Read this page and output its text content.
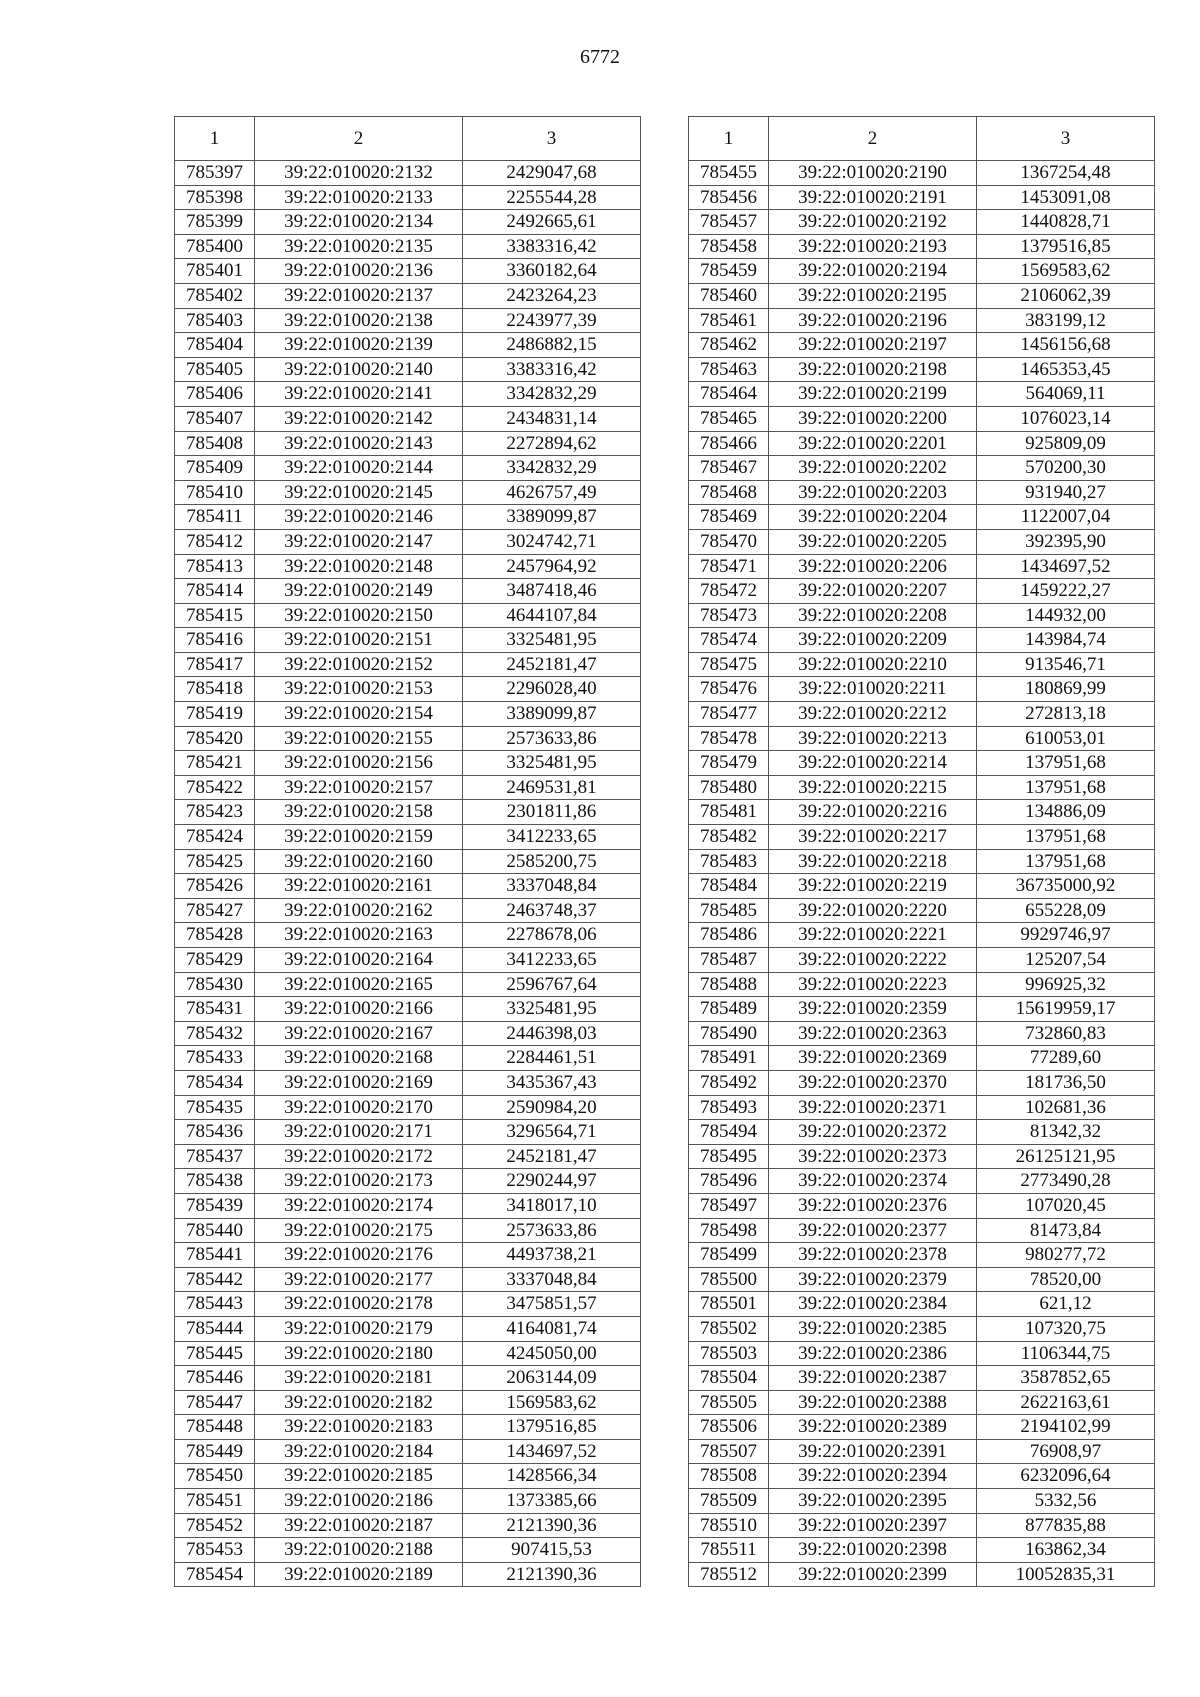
6772
1	2	3
785397	39:22:010020:2132	2429047,68
785398	39:22:010020:2133	2255544,28
785399	39:22:010020:2134	2492665,61
785400	39:22:010020:2135	3383316,42
785401	39:22:010020:2136	3360182,64
785402	39:22:010020:2137	2423264,23
785403	39:22:010020:2138	2243977,39
785404	39:22:010020:2139	2486882,15
785405	39:22:010020:2140	3383316,42
785406	39:22:010020:2141	3342832,29
785407	39:22:010020:2142	2434831,14
785408	39:22:010020:2143	2272894,62
785409	39:22:010020:2144	3342832,29
785410	39:22:010020:2145	4626757,49
785411	39:22:010020:2146	3389099,87
785412	39:22:010020:2147	3024742,71
785413	39:22:010020:2148	2457964,92
785414	39:22:010020:2149	3487418,46
785415	39:22:010020:2150	4644107,84
785416	39:22:010020:2151	3325481,95
785417	39:22:010020:2152	2452181,47
785418	39:22:010020:2153	2296028,40
785419	39:22:010020:2154	3389099,87
785420	39:22:010020:2155	2573633,86
785421	39:22:010020:2156	3325481,95
785422	39:22:010020:2157	2469531,81
785423	39:22:010020:2158	2301811,86
785424	39:22:010020:2159	3412233,65
785425	39:22:010020:2160	2585200,75
785426	39:22:010020:2161	3337048,84
785427	39:22:010020:2162	2463748,37
785428	39:22:010020:2163	2278678,06
785429	39:22:010020:2164	3412233,65
785430	39:22:010020:2165	2596767,64
785431	39:22:010020:2166	3325481,95
785432	39:22:010020:2167	2446398,03
785433	39:22:010020:2168	2284461,51
785434	39:22:010020:2169	3435367,43
785435	39:22:010020:2170	2590984,20
785436	39:22:010020:2171	3296564,71
785437	39:22:010020:2172	2452181,47
785438	39:22:010020:2173	2290244,97
785439	39:22:010020:2174	3418017,10
785440	39:22:010020:2175	2573633,86
785441	39:22:010020:2176	4493738,21
785442	39:22:010020:2177	3337048,84
785443	39:22:010020:2178	3475851,57
785444	39:22:010020:2179	4164081,74
785445	39:22:010020:2180	4245050,00
785446	39:22:010020:2181	2063144,09
785447	39:22:010020:2182	1569583,62
785448	39:22:010020:2183	1379516,85
785449	39:22:010020:2184	1434697,52
785450	39:22:010020:2185	1428566,34
785451	39:22:010020:2186	1373385,66
785452	39:22:010020:2187	2121390,36
785453	39:22:010020:2188	907415,53
785454	39:22:010020:2189	2121390,36
1	2	3
785455	39:22:010020:2190	1367254,48
785456	39:22:010020:2191	1453091,08
785457	39:22:010020:2192	1440828,71
785458	39:22:010020:2193	1379516,85
785459	39:22:010020:2194	1569583,62
785460	39:22:010020:2195	2106062,39
785461	39:22:010020:2196	383199,12
785462	39:22:010020:2197	1456156,68
785463	39:22:010020:2198	1465353,45
785464	39:22:010020:2199	564069,11
785465	39:22:010020:2200	1076023,14
785466	39:22:010020:2201	925809,09
785467	39:22:010020:2202	570200,30
785468	39:22:010020:2203	931940,27
785469	39:22:010020:2204	1122007,04
785470	39:22:010020:2205	392395,90
785471	39:22:010020:2206	1434697,52
785472	39:22:010020:2207	1459222,27
785473	39:22:010020:2208	144932,00
785474	39:22:010020:2209	143984,74
785475	39:22:010020:2210	913546,71
785476	39:22:010020:2211	180869,99
785477	39:22:010020:2212	272813,18
785478	39:22:010020:2213	610053,01
785479	39:22:010020:2214	137951,68
785480	39:22:010020:2215	137951,68
785481	39:22:010020:2216	134886,09
785482	39:22:010020:2217	137951,68
785483	39:22:010020:2218	137951,68
785484	39:22:010020:2219	36735000,92
785485	39:22:010020:2220	655228,09
785486	39:22:010020:2221	9929746,97
785487	39:22:010020:2222	125207,54
785488	39:22:010020:2223	996925,32
785489	39:22:010020:2359	15619959,17
785490	39:22:010020:2363	732860,83
785491	39:22:010020:2369	77289,60
785492	39:22:010020:2370	181736,50
785493	39:22:010020:2371	102681,36
785494	39:22:010020:2372	81342,32
785495	39:22:010020:2373	26125121,95
785496	39:22:010020:2374	2773490,28
785497	39:22:010020:2376	107020,45
785498	39:22:010020:2377	81473,84
785499	39:22:010020:2378	980277,72
785500	39:22:010020:2379	78520,00
785501	39:22:010020:2384	621,12
785502	39:22:010020:2385	107320,75
785503	39:22:010020:2386	1106344,75
785504	39:22:010020:2387	3587852,65
785505	39:22:010020:2388	2622163,61
785506	39:22:010020:2389	2194102,99
785507	39:22:010020:2391	76908,97
785508	39:22:010020:2394	6232096,64
785509	39:22:010020:2395	5332,56
785510	39:22:010020:2397	877835,88
785511	39:22:010020:2398	163862,34
785512	39:22:010020:2399	10052835,31
